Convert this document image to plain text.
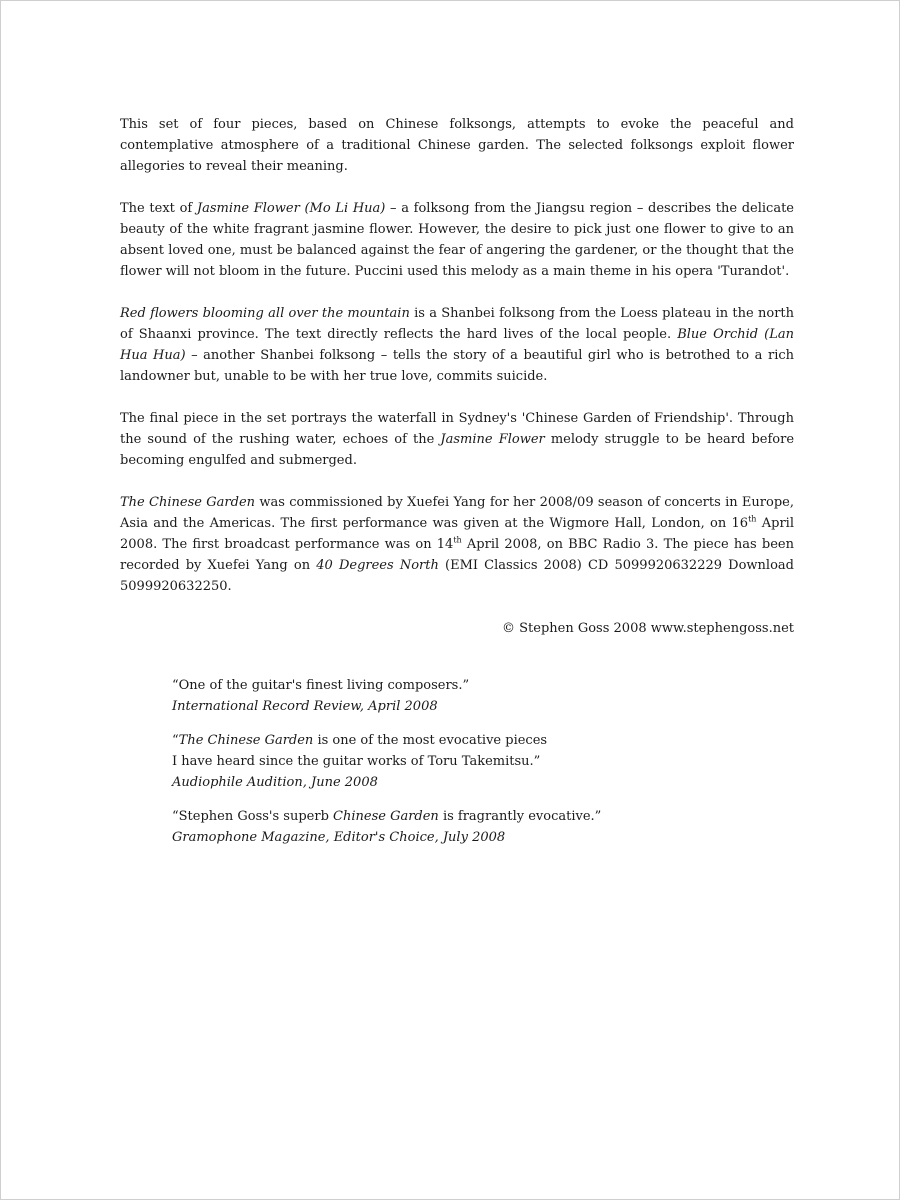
This set of four pieces, based on Chinese folksongs, attempts to evoke the peaceful and contemplative atmosphere of a traditional Chinese garden. The selected folksongs exploit flower allegories to reveal their meaning.

The text of Jasmine Flower (Mo Li Hua) – a folksong from the Jiangsu region – describes the delicate beauty of the white fragrant jasmine flower. However, the desire to pick just one flower to give to an absent loved one, must be balanced against the fear of angering the gardener, or the thought that the flower will not bloom in the future. Puccini used this melody as a main theme in his opera 'Turandot'.

Red flowers blooming all over the mountain is a Shanbei folksong from the Loess plateau in the north of Shaanxi province. The text directly reflects the hard lives of the local people. Blue Orchid (Lan Hua Hua) – another Shanbei folksong – tells the story of a beautiful girl who is betrothed to a rich landowner but, unable to be with her true love, commits suicide.

The final piece in the set portrays the waterfall in Sydney's 'Chinese Garden of Friendship'. Through the sound of the rushing water, echoes of the Jasmine Flower melody struggle to be heard before becoming engulfed and submerged.

The Chinese Garden was commissioned by Xuefei Yang for her 2008/09 season of concerts in Europe, Asia and the Americas. The first performance was given at the Wigmore Hall, London, on 16th April 2008. The first broadcast performance was on 14th April 2008, on BBC Radio 3. The piece has been recorded by Xuefei Yang on 40 Degrees North (EMI Classics 2008) CD 5099920632229 Download 5099920632250.

© Stephen Goss 2008 www.stephengoss.net

“One of the guitar's finest living composers.”
International Record Review, April 2008
“The Chinese Garden is one of the most evocative pieces
I have heard since the guitar works of Toru Takemitsu.”
Audiophile Audition, June 2008
“Stephen Goss's superb Chinese Garden is fragrantly evocative.”
Gramophone Magazine, Editor's Choice, July 2008
